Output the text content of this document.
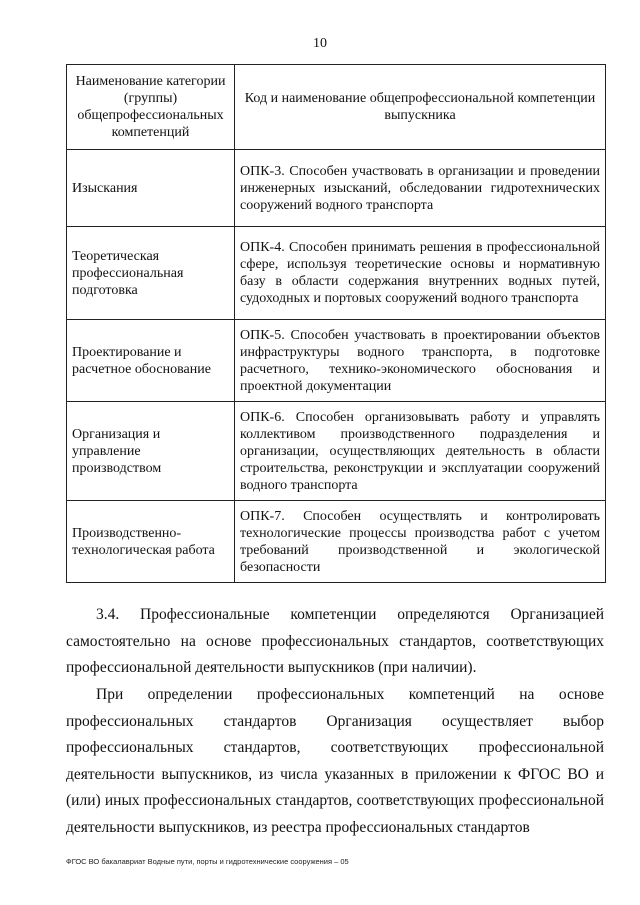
10
Наименование категории (группы) общепрофессиональных компетенций	Код и наименование общепрофессиональной компетенции выпускника
Изыскания	ОПК-3. Способен участвовать в организации и проведении инженерных изысканий, обследовании гидротехнических сооружений водного транспорта
Теоретическая профессиональная подготовка	ОПК-4. Способен принимать решения в профессиональной сфере, используя теоретические основы и нормативную базу в области содержания внутренних водных путей, судоходных и портовых сооружений водного транспорта
Проектирование и расчетное обоснование	ОПК-5. Способен участвовать в проектировании объектов инфраструктуры водного транспорта, в подготовке расчетного, технико-экономического обоснования и проектной документации
Организация и управление производством	ОПК-6. Способен организовывать работу и управлять коллективом производственного подразделения и организации, осуществляющих деятельность в области строительства, реконструкции и эксплуатации сооружений водного транспорта
Производственно-технологическая работа	ОПК-7. Способен осуществлять и контролировать технологические процессы производства работ с учетом требований производственной и экологической безопасности
3.4. Профессиональные компетенции определяются Организацией самостоятельно на основе профессиональных стандартов, соответствующих профессиональной деятельности выпускников (при наличии).
При определении профессиональных компетенций на основе профессиональных стандартов Организация осуществляет выбор профессиональных стандартов, соответствующих профессиональной деятельности выпускников, из числа указанных в приложении к ФГОС ВО и (или) иных профессиональных стандартов, соответствующих профессиональной деятельности выпускников, из реестра профессиональных стандартов
ФГОС ВО бакалавриат Водные пути, порты и гидротехнические сооружения – 05
